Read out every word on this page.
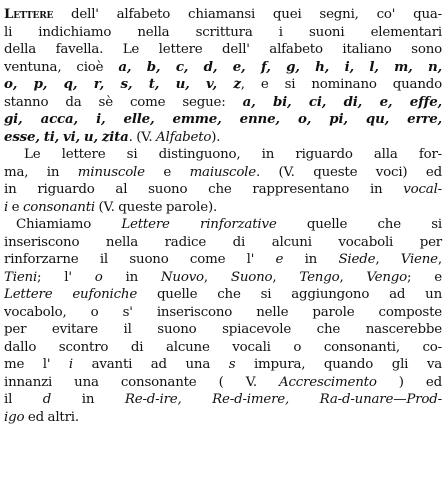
Lettere dell' alfabeto chiamansi quei segni, co' qua-
li indichiamo nella scrittura i suoni elementari
della favella. Le lettere dell' alfabeto italiano sono
ventuna, cioè a, b, c, d, e, f, g, h, i, l, m, n,
o, p, q, r, s, t, u, v, z, e si nominano quando
stanno da sè come segue: a, bi, ci, di, e, effe,
gi, acca, i, elle, emme, enne, o, pi, qu, erre,
esse, ti, vi, u, zita. (V. Alfabeto).
Le lettere si distinguono, in riguardo alla for-
ma, in minuscole e maiuscole. (V. queste voci) ed
in riguardo al suono che rappresentano in vocal-
i e consonanti (V. queste parole).
Chiamiamo Lettere rinforzative quelle che si
inseriscono nella radice di alcuni vocaboli per
rinforzarne il suono come l' e in Siede, Viene,
Tieni; l' o in Nuovo, Suono, Tengo, Vengo; e
Lettere eufoniche quelle che si aggiungono ad un
vocabolo, o s' inseriscono nelle parole composte
per evitare il suono spiacevole che nascerebbe
dallo scontro di alcune vocali o consonanti, co-
me l' i avanti ad una s impura, quando gli va
innanzi una consonante ( V. Accrescimento ) ed
il d in Re-d-ire, Re-d-imere, Ra-d-unare—Prod-
igo ed altri.
